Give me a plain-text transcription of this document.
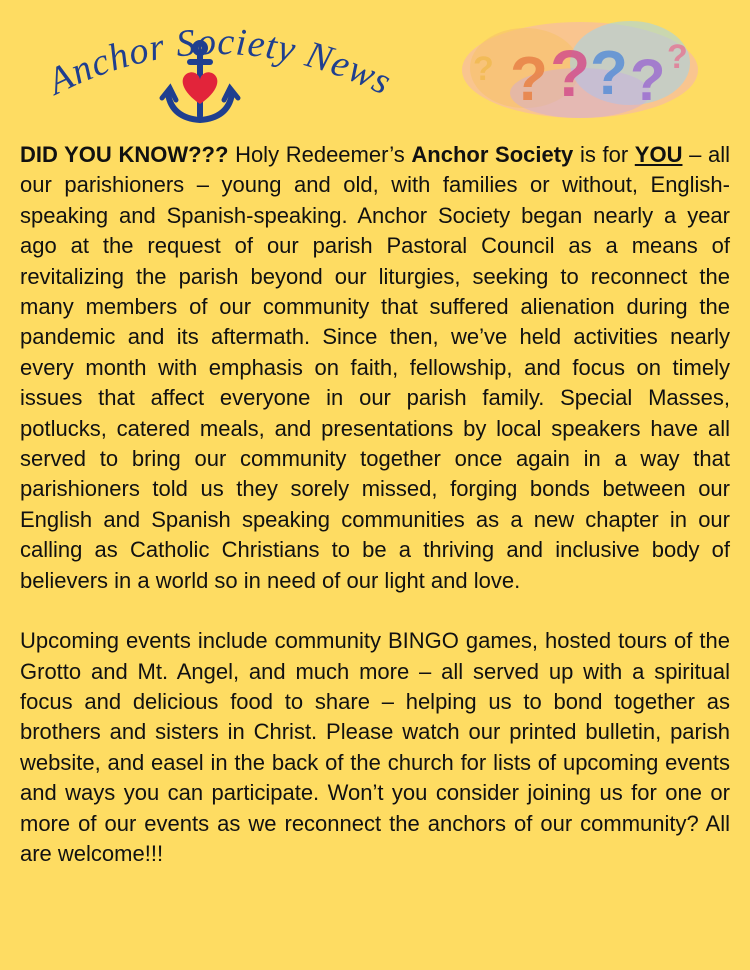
Anchor Society News ? ? ? ?
?	?

DID YOU KNOW??? Holy Redeemer’s Anchor Society is for YOU – all our parishioners – young and old, with families or without, English-speaking and Spanish-speaking. Anchor Society began nearly a year ago at the request of our parish Pastoral Council as a means of revitalizing the parish beyond our liturgies, seeking to reconnect the many members of our community that suffered alienation during the pandemic and its aftermath. Since then, we’ve held activities nearly every month with emphasis on faith, fellowship, and focus on timely issues that affect everyone in our parish family. Special Masses, potlucks, catered meals, and presentations by local speakers have all served to bring our community together once again in a way that parishioners told us they sorely missed, forging bonds between our English and Spanish speaking communities as a new chapter in our calling as Catholic Christians to be a thriving and inclusive body of believers in a world so in need of our light and love.

Upcoming events include community BINGO games, hosted tours of the Grotto and Mt. Angel, and much more – all served up with a spiritual focus and delicious food to share – helping us to bond together as brothers and sisters in Christ. Please watch our printed bulletin, parish website, and easel in the back of the church for lists of upcoming events and ways you can participate. Won’t you consider joining us for one or more of our events as we reconnect the anchors of our community? All are welcome!!!
